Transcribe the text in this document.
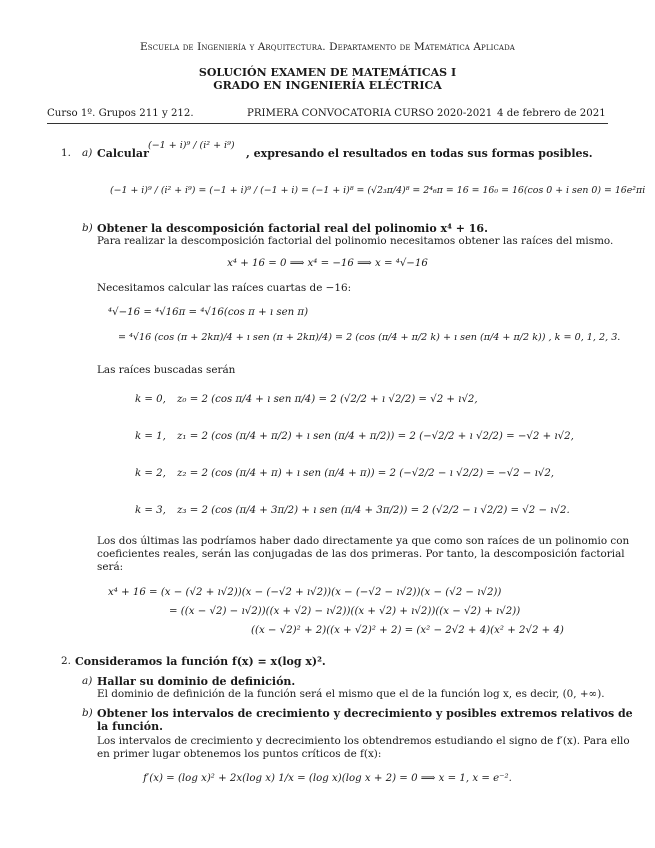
Escuela de Ingeniería y Arquitectura. Departamento de Matemática Aplicada
SOLUCIÓN EXAMEN DE MATEMÁTICAS I
GRADO EN INGENIERÍA ELÉCTRICA
Curso 1º. Grupos 211 y 212.	PRIMERA CONVOCATORIA CURSO 2020-2021 4 de febrero de 2021
1. a) Calcular
(−1 + i)⁹ / (i² + i⁹)
, expresando el resultados en todas sus formas posibles.
(−1 + i)⁹ / (i² + i⁹) = (−1 + i)⁹ / (−1 + i) = (−1 + i)⁸ = (√2₃π/4)⁸ = 2⁴₆π = 16 = 16₀ = 16(cos 0 + i sen 0) = 16e²πi
b) Obtener la descomposición factorial real del polinomio x⁴ + 16.
Para realizar la descomposición factorial del polinomio necesitamos obtener las raíces del mismo.
x⁴ + 16 = 0 ⟹ x⁴ = −16 ⟹ x = ⁴√−16
Necesitamos calcular las raíces cuartas de −16:
⁴√−16 = ⁴√16π = ⁴√16(cos π + ı sen π)
= ⁴√16 (cos (π + 2kπ)/4 + ı sen (π + 2kπ)/4) = 2 (cos (π/4 + π/2 k) + ı sen (π/4 + π/2 k)) , k = 0, 1, 2, 3.
Las raíces buscadas serán
k = 0, z₀ = 2 (cos π/4 + ı sen π/4) = 2 (√2/2 + ı √2/2) = √2 + ı√2,
k = 1, z₁ = 2 (cos (π/4 + π/2) + ı sen (π/4 + π/2)) = 2 (−√2/2 + ı √2/2) = −√2 + ı√2,
k = 2, z₂ = 2 (cos (π/4 + π) + ı sen (π/4 + π)) = 2 (−√2/2 − ı √2/2) = −√2 − ı√2,
k = 3, z₃ = 2 (cos (π/4 + 3π/2) + ı sen (π/4 + 3π/2)) = 2 (√2/2 − ı √2/2) = √2 − ı√2.
Los dos últimas las podríamos haber dado directamente ya que como son raíces de un polinomio con
coeficientes reales, serán las conjugadas de las dos primeras. Por tanto, la descomposición factorial
será:
x⁴ + 16 = (x − (√2 + ı√2))(x − (−√2 + ı√2))(x − (−√2 − ı√2))(x − (√2 − ı√2))
= ((x − √2) − ı√2))((x + √2) − ı√2))((x + √2) + ı√2))((x − √2) + ı√2))
((x − √2)² + 2)((x + √2)² + 2) = (x² − 2√2 + 4)(x² + 2√2 + 4)
2. Consideramos la función f(x) = x(log x)².
a) Hallar su dominio de definición.
El dominio de definición de la función será el mismo que el de la función log x, es decir, (0, +∞).
b) Obtener los intervalos de crecimiento y decrecimiento y posibles extremos relativos de
la función.
Los intervalos de crecimiento y decrecimiento los obtendremos estudiando el signo de f′(x). Para ello
en primer lugar obtenemos los puntos críticos de f(x):
f′(x) = (log x)² + 2x(log x) 1/x = (log x)(log x + 2) = 0 ⟹ x = 1, x = e⁻².
